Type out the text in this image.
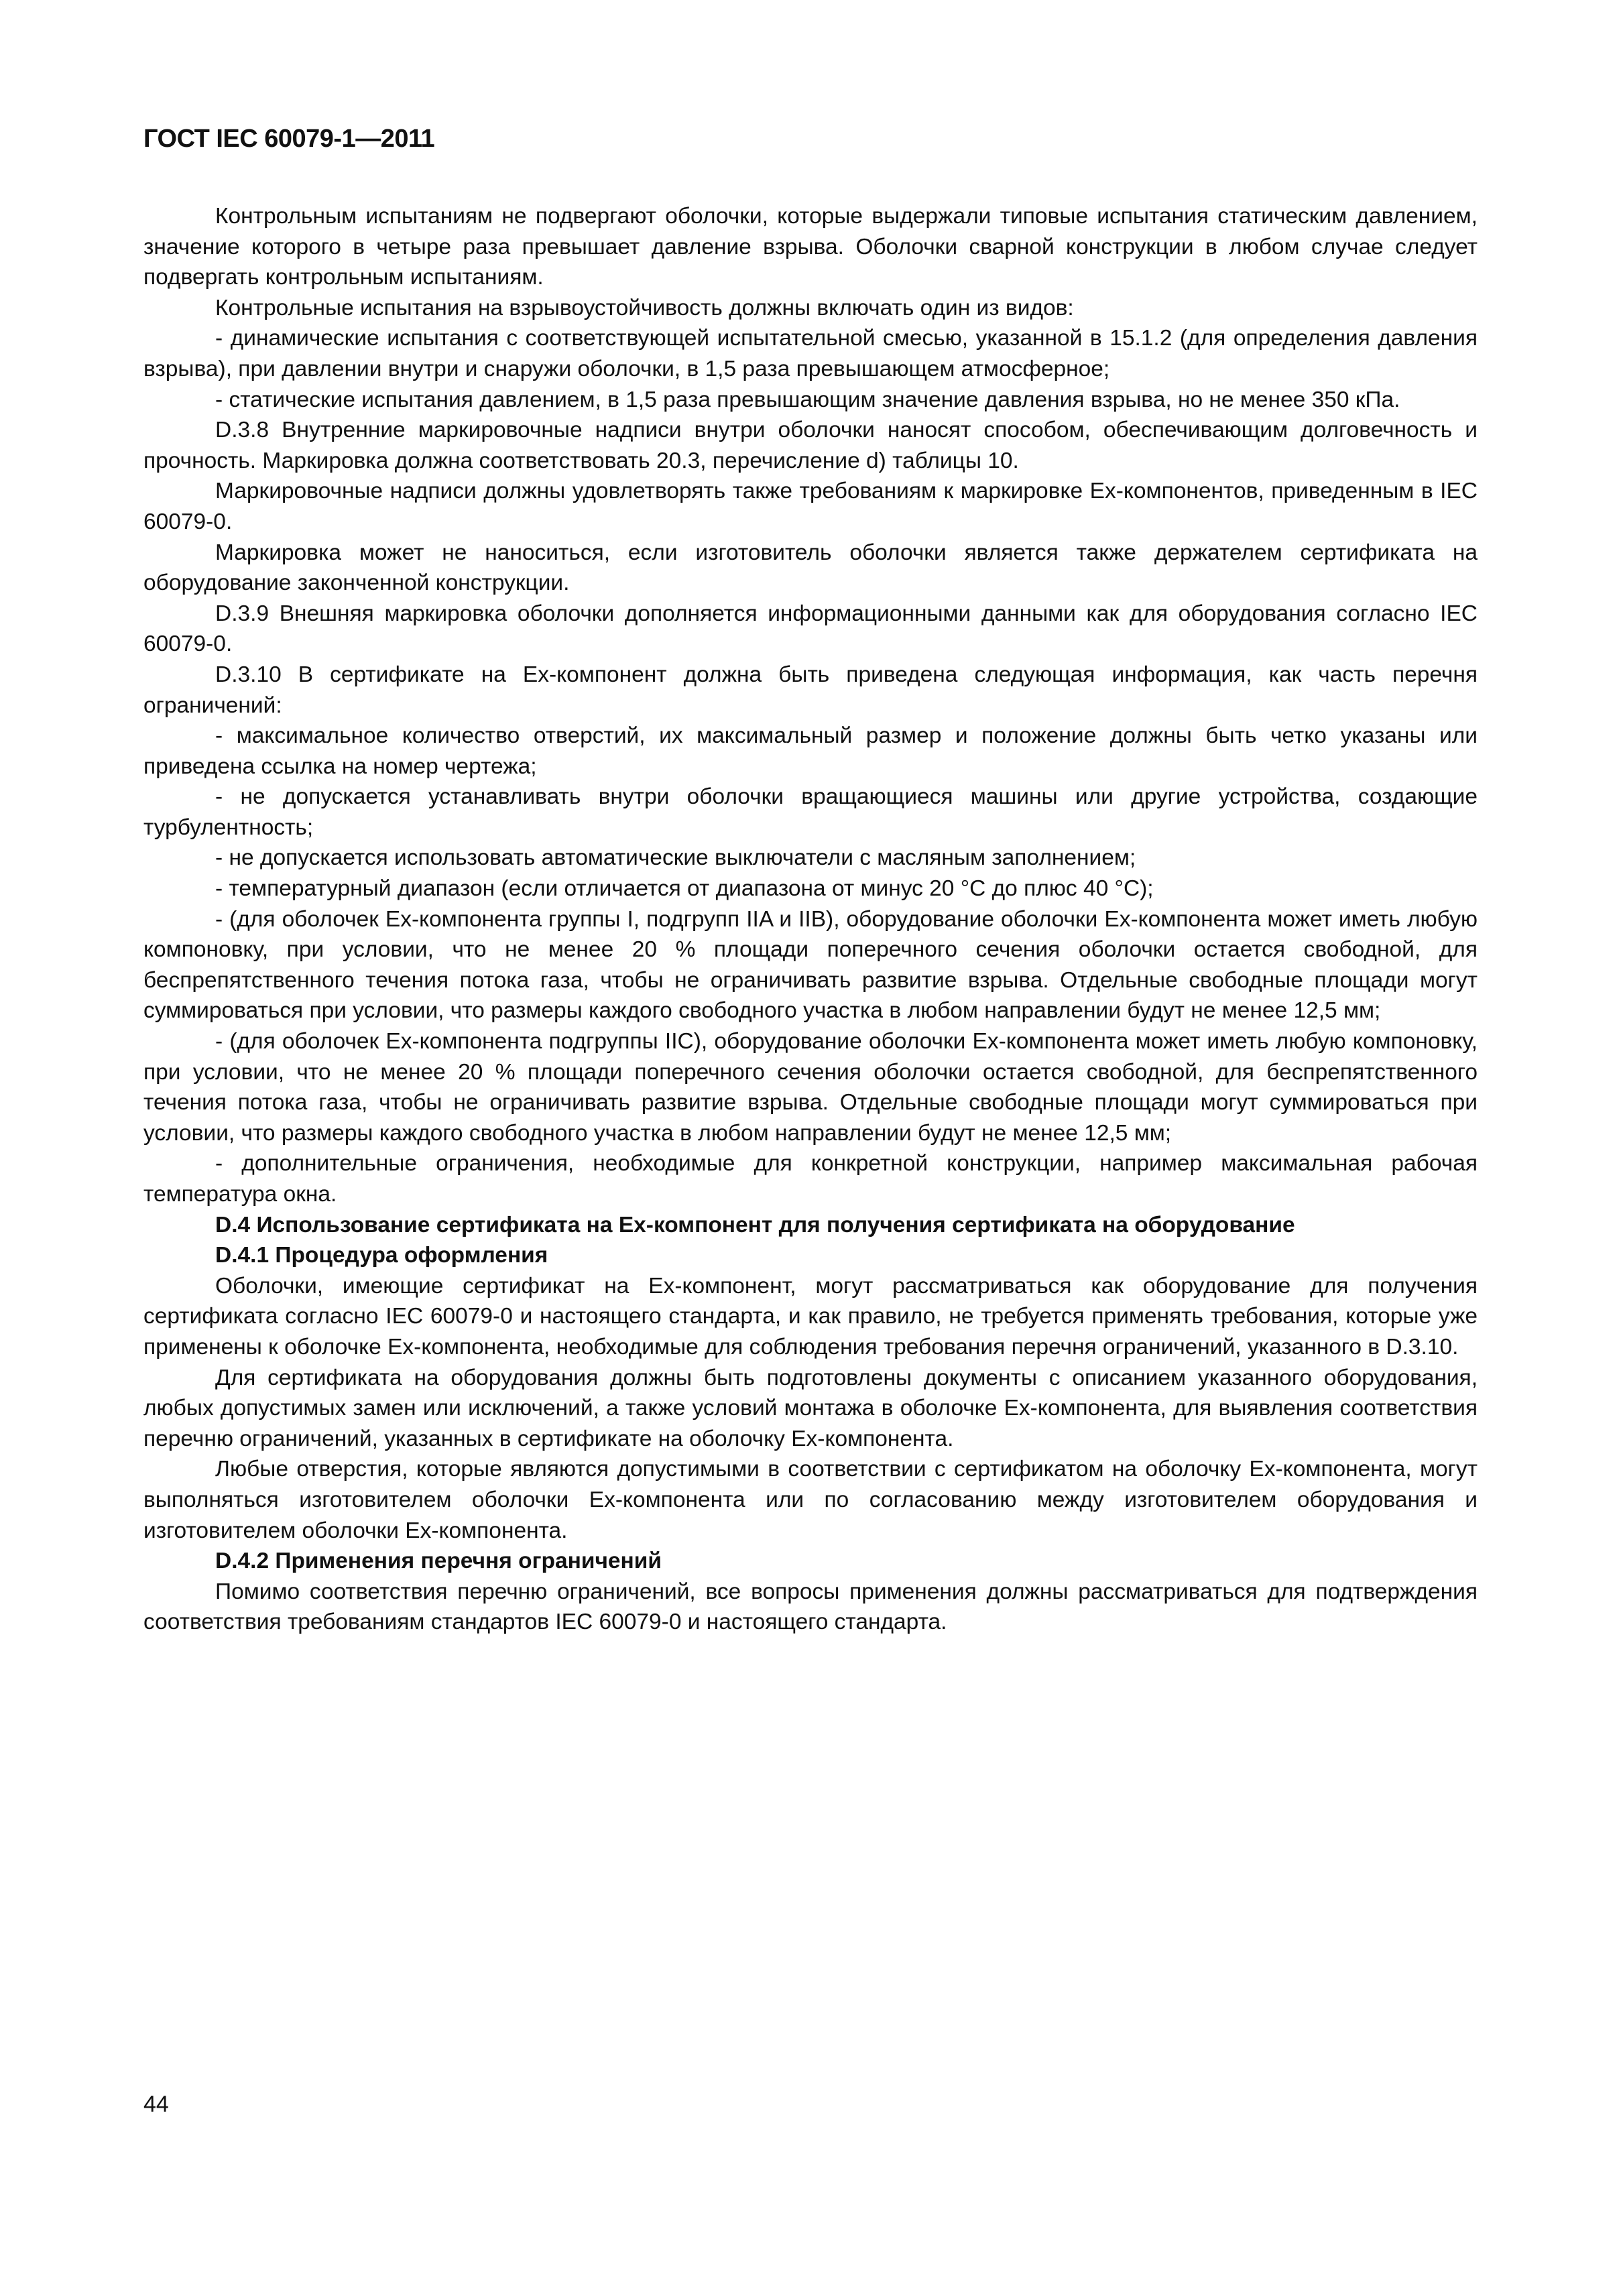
ГОСТ IEC 60079-1—2011

Контрольным испытаниям не подвергают оболочки, которые выдержали типовые испытания статическим давлением, значение которого в четыре раза превышает давление взрыва. Оболочки сварной конструкции в любом случае следует подвергать контрольным испытаниям.

Контрольные испытания на взрывоустойчивость должны включать один из видов:

- динамические испытания с соответствующей испытательной смесью, указанной в 15.1.2 (для определения давления взрыва), при давлении внутри и снаружи оболочки, в 1,5 раза превышающем атмосферное;

- статические испытания давлением, в 1,5 раза превышающим значение давления взрыва, но не менее 350 кПа.

D.3.8 Внутренние маркировочные надписи внутри оболочки наносят способом, обеспечивающим долговечность и прочность. Маркировка должна соответствовать 20.3, перечисление d) таблицы 10.

Маркировочные надписи должны удовлетворять также требованиям к маркировке Ех-компонентов, приведенным в IEC 60079-0.

Маркировка может не наноситься, если изготовитель оболочки является также держателем сертификата на оборудование законченной конструкции.

D.3.9 Внешняя маркировка оболочки дополняется информационными данными как для оборудования согласно IEC 60079-0.

D.3.10 В сертификате на Ех-компонент должна быть приведена следующая информация, как часть перечня ограничений:

- максимальное количество отверстий, их максимальный размер и положение должны быть четко указаны или приведена ссылка на номер чертежа;

- не допускается устанавливать внутри оболочки вращающиеся машины или другие устройства, создающие турбулентность;

- не допускается использовать автоматические выключатели с масляным заполнением;

- температурный диапазон (если отличается от диапазона от минус 20 °C до плюс 40 °C);

- (для оболочек Ех-компонента группы I, подгрупп IIA и IIB), оборудование оболочки Ех-компонента может иметь любую компоновку, при условии, что не менее 20 % площади поперечного сечения оболочки остается свободной, для беспрепятственного течения потока газа, чтобы не ограничивать развитие взрыва. Отдельные свободные площади могут суммироваться при условии, что размеры каждого свободного участка в любом направлении будут не менее 12,5 мм;

- (для оболочек Ех-компонента подгруппы IIC), оборудование оболочки Ех-компонента может иметь любую компоновку, при условии, что не менее 20 % площади поперечного сечения оболочки остается свободной, для беспрепятственного течения потока газа, чтобы не ограничивать развитие взрыва. Отдельные свободные площади могут суммироваться при условии, что размеры каждого свободного участка в любом направлении будут не менее 12,5 мм;

- дополнительные ограничения, необходимые для конкретной конструкции, например максимальная рабочая температура окна.

D.4 Использование сертификата на Ех-компонент для получения сертификата на оборудование

D.4.1 Процедура оформления

Оболочки, имеющие сертификат на Ех-компонент, могут рассматриваться как оборудование для получения сертификата согласно IEC 60079-0 и настоящего стандарта, и как правило, не требуется применять требования, которые уже применены к оболочке Ех-компонента, необходимые для соблюдения требования перечня ограничений, указанного в D.3.10.

Для сертификата на оборудования должны быть подготовлены документы с описанием указанного оборудования, любых допустимых замен или исключений, а также условий монтажа в оболочке Ех-компонента, для выявления соответствия перечню ограничений, указанных в сертификате на оболочку Ех-компонента.

Любые отверстия, которые являются допустимыми в соответствии с сертификатом на оболочку Ех-компонента, могут выполняться изготовителем оболочки Ех-компонента или по согласованию между изготовителем оборудования и изготовителем оболочки Ех-компонента.

D.4.2 Применения перечня ограничений

Помимо соответствия перечню ограничений, все вопросы применения должны рассматриваться для подтверждения соответствия требованиям стандартов IEC 60079-0 и настоящего стандарта.

44
